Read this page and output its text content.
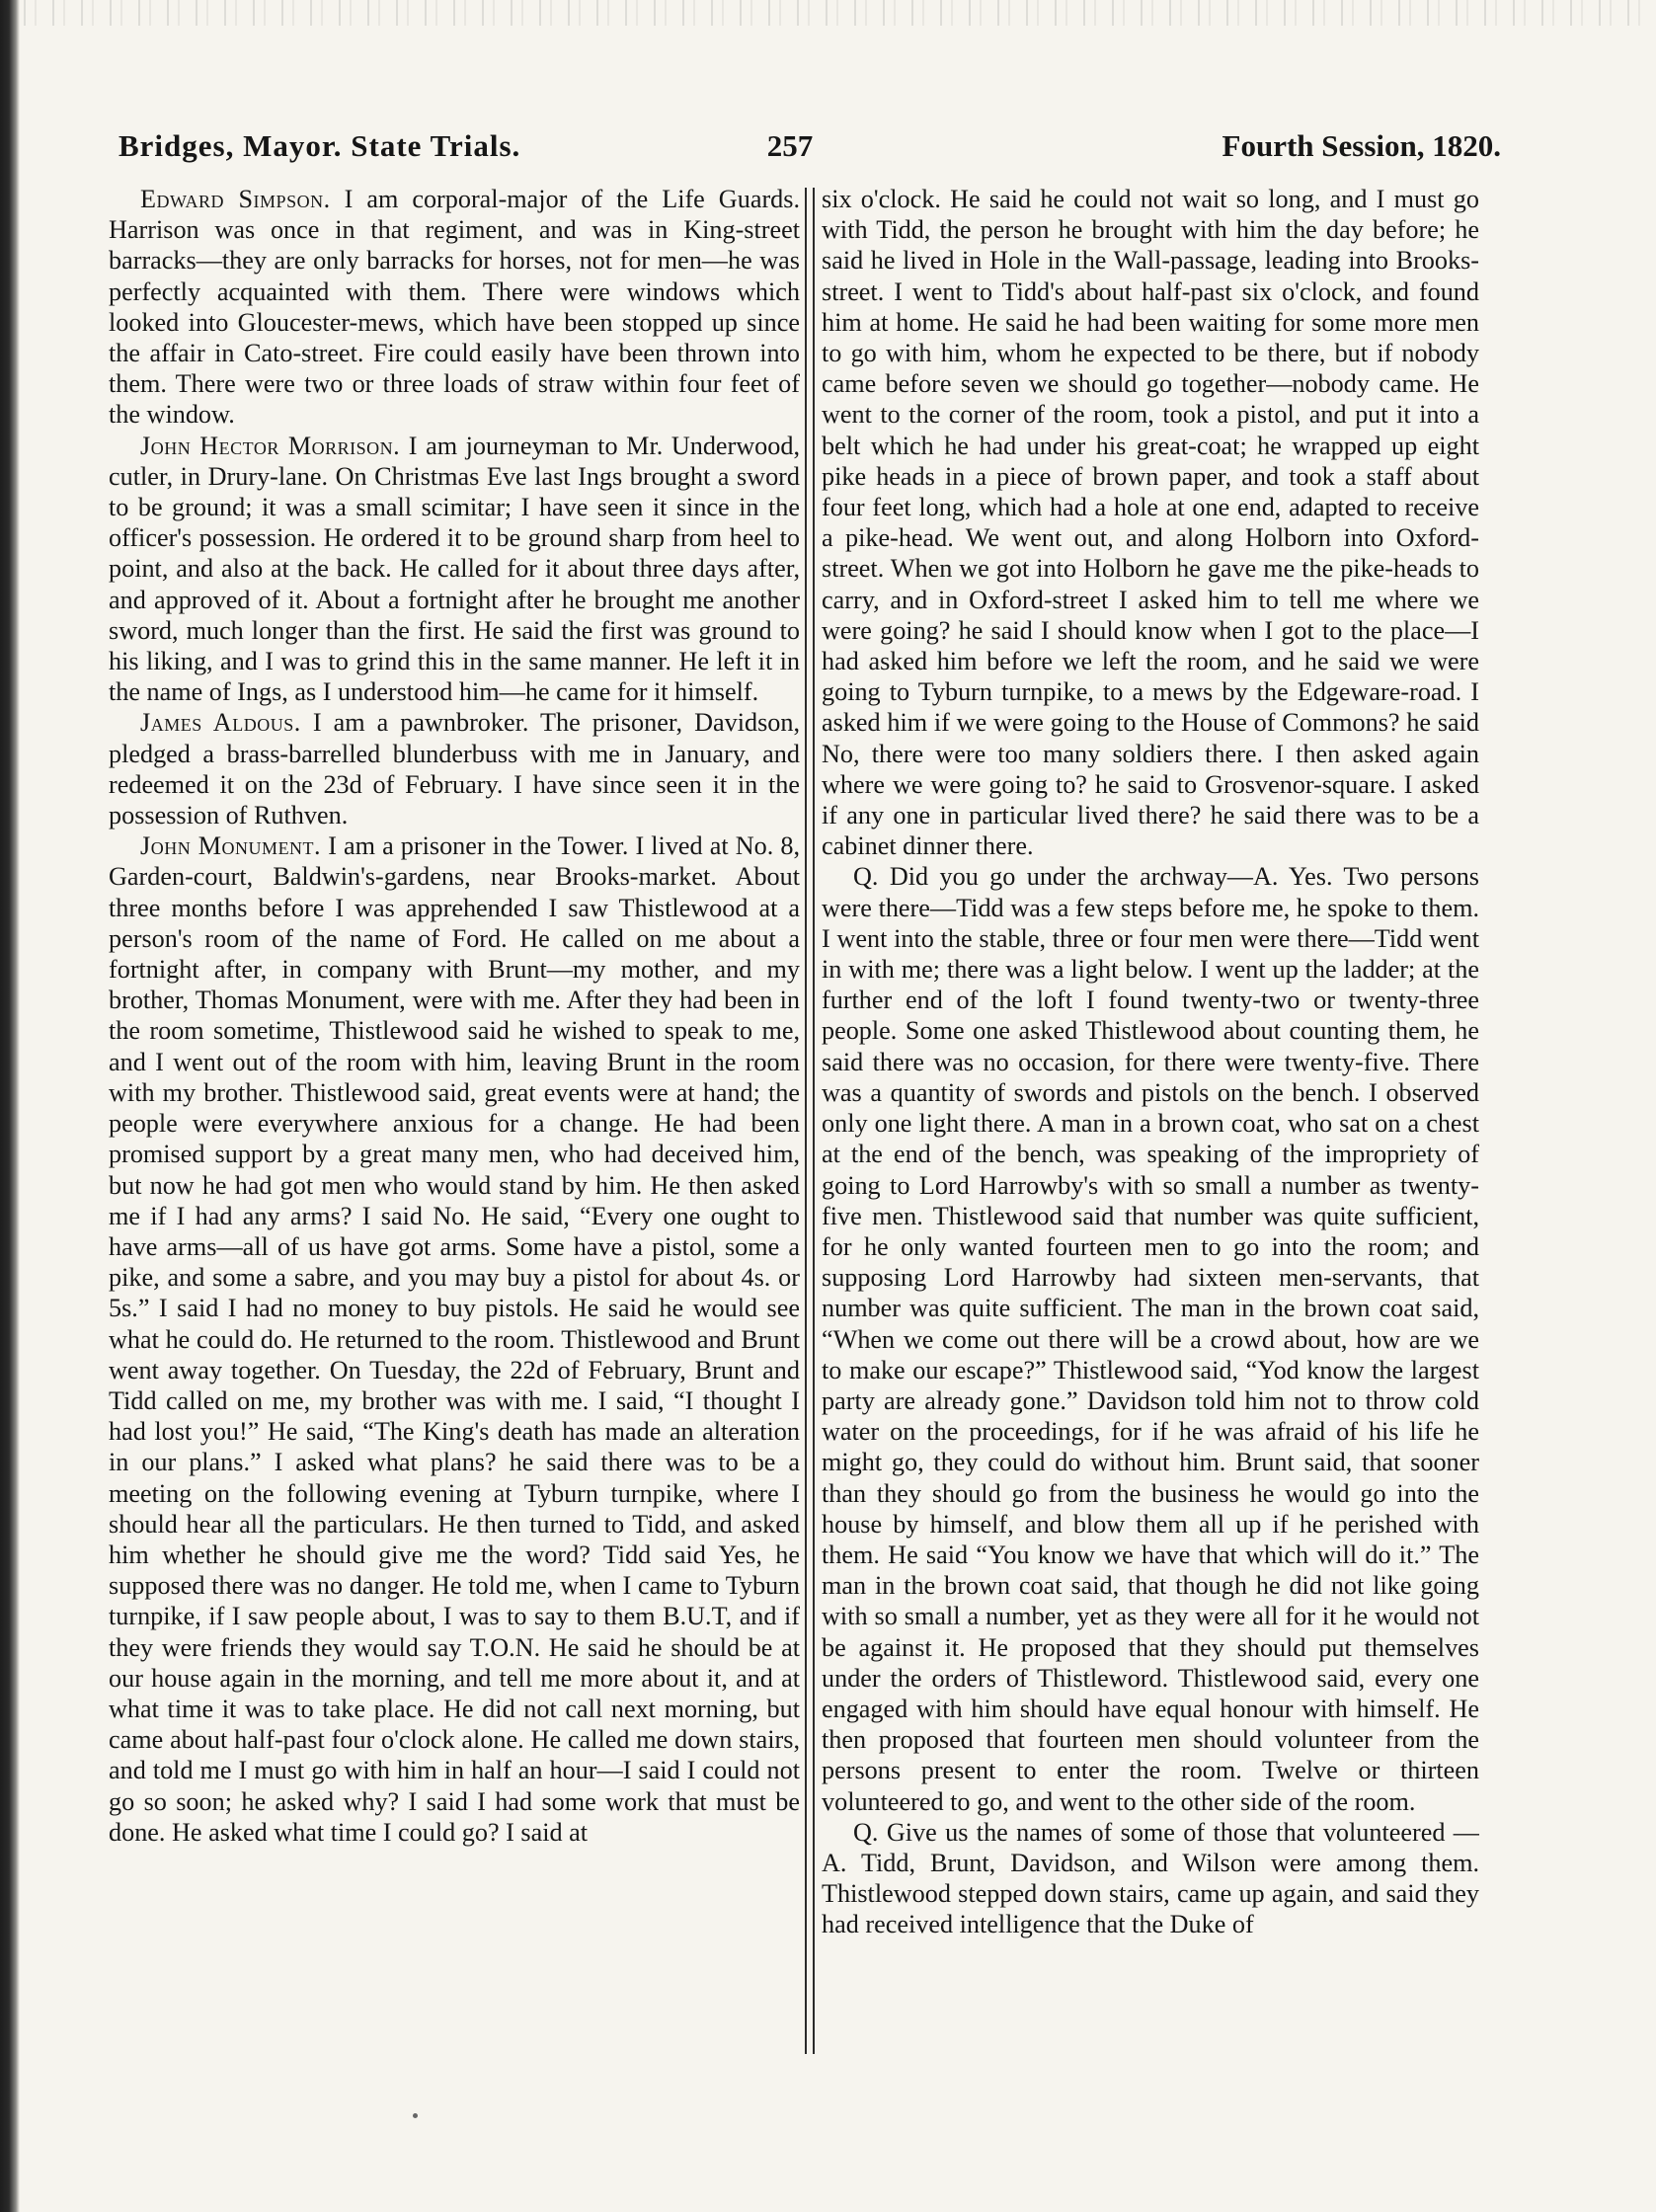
Bridges, Mayor. State Trials.	257	Fourth Session, 1820.

Edward Simpson. I am corporal-major of the Life Guards. Harrison was once in that regiment, and was in King-street barracks—they are only barracks for horses, not for men—he was perfectly acquainted with them. There were windows which looked into Gloucester-mews, which have been stopped up since the affair in Cato-street. Fire could easily have been thrown into them. There were two or three loads of straw within four feet of the window.

John Hector Morrison. I am journeyman to Mr. Underwood, cutler, in Drury-lane. On Christmas Eve last Ings brought a sword to be ground; it was a small scimitar; I have seen it since in the officer's possession. He ordered it to be ground sharp from heel to point, and also at the back. He called for it about three days after, and approved of it. About a fortnight after he brought me another sword, much longer than the first. He said the first was ground to his liking, and I was to grind this in the same manner. He left it in the name of Ings, as I understood him—he came for it himself.

James Aldous. I am a pawnbroker. The prisoner, Davidson, pledged a brass-barrelled blunderbuss with me in January, and redeemed it on the 23d of February. I have since seen it in the possession of Ruthven.

John Monument. I am a prisoner in the Tower. I lived at No. 8, Garden-court, Baldwin's-gardens, near Brooks-market. About three months before I was apprehended I saw Thistlewood at a person's room of the name of Ford. He called on me about a fortnight after, in company with Brunt—my mother, and my brother, Thomas Monument, were with me. After they had been in the room sometime, Thistlewood said he wished to speak to me, and I went out of the room with him, leaving Brunt in the room with my brother. Thistlewood said, great events were at hand; the people were everywhere anxious for a change. He had been promised support by a great many men, who had deceived him, but now he had got men who would stand by him. He then asked me if I had any arms? I said No. He said, “Every one ought to have arms—all of us have got arms. Some have a pistol, some a pike, and some a sabre, and you may buy a pistol for about 4s. or 5s.” I said I had no money to buy pistols. He said he would see what he could do. He returned to the room. Thistlewood and Brunt went away together. On Tuesday, the 22d of February, Brunt and Tidd called on me, my brother was with me. I said, “I thought I had lost you!” He said, “The King's death has made an alteration in our plans.” I asked what plans? he said there was to be a meeting on the following evening at Tyburn turnpike, where I should hear all the particulars. He then turned to Tidd, and asked him whether he should give me the word? Tidd said Yes, he supposed there was no danger. He told me, when I came to Tyburn turnpike, if I saw people about, I was to say to them B.U.T, and if they were friends they would say T.O.N. He said he should be at our house again in the morning, and tell me more about it, and at what time it was to take place. He did not call next morning, but came about half-past four o'clock alone. He called me down stairs, and told me I must go with him in half an hour—I said I could not go so soon; he asked why? I said I had some work that must be done. He asked what time I could go? I said at

six o'clock. He said he could not wait so long, and I must go with Tidd, the person he brought with him the day before; he said he lived in Hole in the Wall-passage, leading into Brooks-street. I went to Tidd's about half-past six o'clock, and found him at home. He said he had been waiting for some more men to go with him, whom he expected to be there, but if nobody came before seven we should go together—nobody came. He went to the corner of the room, took a pistol, and put it into a belt which he had under his great-coat; he wrapped up eight pike heads in a piece of brown paper, and took a staff about four feet long, which had a hole at one end, adapted to receive a pike-head. We went out, and along Holborn into Oxford-street. When we got into Holborn he gave me the pike-heads to carry, and in Oxford-street I asked him to tell me where we were going? he said I should know when I got to the place—I had asked him before we left the room, and he said we were going to Tyburn turnpike, to a mews by the Edgeware-road. I asked him if we were going to the House of Commons? he said No, there were too many soldiers there. I then asked again where we were going to? he said to Grosvenor-square. I asked if any one in particular lived there? he said there was to be a cabinet dinner there.

Q. Did you go under the archway—A. Yes. Two persons were there—Tidd was a few steps before me, he spoke to them. I went into the stable, three or four men were there—Tidd went in with me; there was a light below. I went up the ladder; at the further end of the loft I found twenty-two or twenty-three people. Some one asked Thistlewood about counting them, he said there was no occasion, for there were twenty-five. There was a quantity of swords and pistols on the bench. I observed only one light there. A man in a brown coat, who sat on a chest at the end of the bench, was speaking of the impropriety of going to Lord Harrowby's with so small a number as twenty-five men. Thistlewood said that number was quite sufficient, for he only wanted fourteen men to go into the room; and supposing Lord Harrowby had sixteen men-servants, that number was quite sufficient. The man in the brown coat said, “When we come out there will be a crowd about, how are we to make our escape?” Thistlewood said, “Yod know the largest party are already gone.” Davidson told him not to throw cold water on the proceedings, for if he was afraid of his life he might go, they could do without him. Brunt said, that sooner than they should go from the business he would go into the house by himself, and blow them all up if he perished with them. He said “You know we have that which will do it.” The man in the brown coat said, that though he did not like going with so small a number, yet as they were all for it he would not be against it. He proposed that they should put themselves under the orders of Thistleword. Thistlewood said, every one engaged with him should have equal honour with himself. He then proposed that fourteen men should volunteer from the persons present to enter the room. Twelve or thirteen volunteered to go, and went to the other side of the room.

Q. Give us the names of some of those that volunteered —A. Tidd, Brunt, Davidson, and Wilson were among them. Thistlewood stepped down stairs, came up again, and said they had received intelligence that the Duke of
